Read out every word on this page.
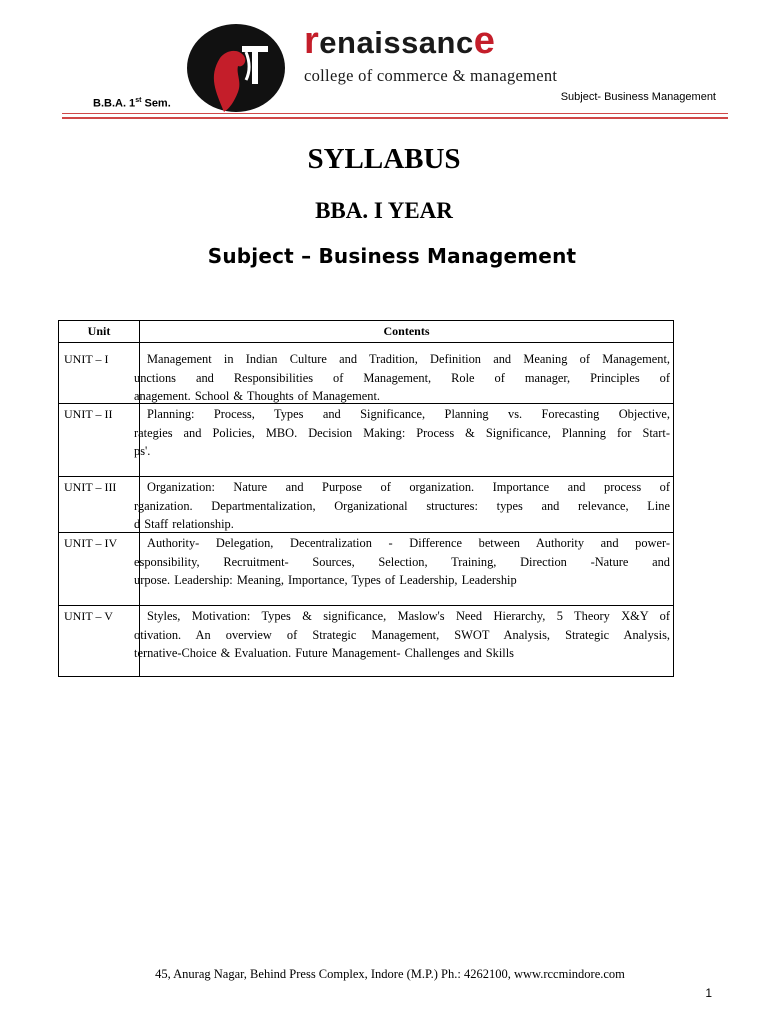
renaissance
college of commerce & management
B.B.A. 1st Sem.
Subject- Business Management
SYLLABUS
BBA. I YEAR
Subject – Business Management
Unit	Contents
UNIT – I	Management in Indian Culture and Tradition, Definition and Meaning of Management,
unctions and Responsibilities of Management, Role of manager, Principles of
anagement. School & Thoughts of Management.
UNIT – II	Planning: Process, Types and Significance, Planning vs. Forecasting Objective,
rategies and Policies, MBO. Decision Making: Process & Significance, Planning for Start-
ps'.
UNIT – III	Organization: Nature and Purpose of organization. Importance and process of
rganization. Departmentalization, Organizational structures: types and relevance, Line
d Staff relationship.
UNIT – IV	Authority- Delegation, Decentralization - Difference between Authority and power-
esponsibility, Recruitment- Sources, Selection, Training, Direction -Nature and
urpose. Leadership: Meaning, Importance, Types of Leadership, Leadership
UNIT – V	Styles, Motivation: Types & significance, Maslow's Need Hierarchy, 5 Theory X&Y of
otivation. An overview of Strategic Management, SWOT Analysis, Strategic Analysis,
ternative-Choice & Evaluation. Future Management- Challenges and Skills
45, Anurag Nagar, Behind Press Complex, Indore (M.P.) Ph.: 4262100, www.rccmindore.com
1
